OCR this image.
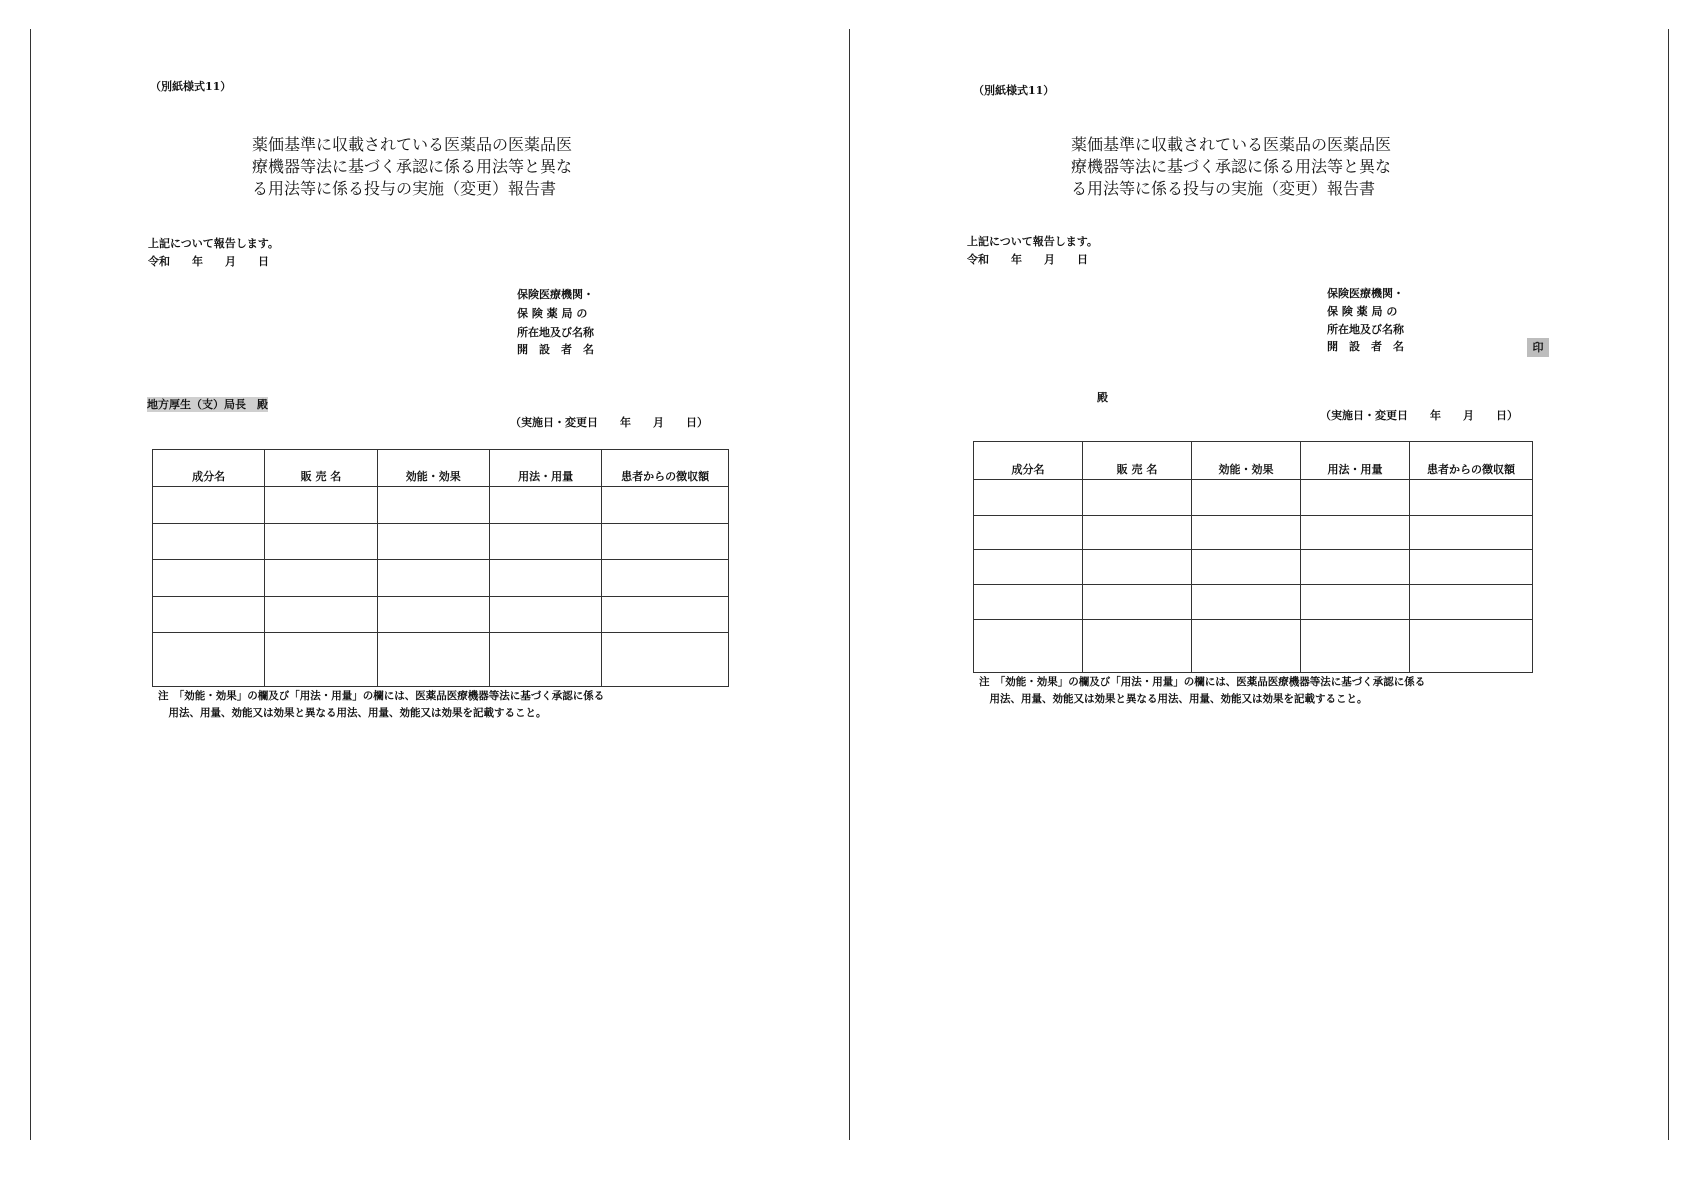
（別紙様式11）
薬価基準に収載されている医薬品の医薬品医
療機器等法に基づく承認に係る用法等と異な
る用法等に係る投与の実施（変更）報告書
上記について報告します。
令和　　年　　月　　日
保険医療機関・
保 険 薬 局 の
所在地及び名称
開　設　者　名
地方厚生（支）局長　殿
（実施日・変更日　　年　　月　　日）
成分名	販 売 名	効能・効果	用法・用量	患者からの徴収額

注　「効能・効果」の欄及び「用法・用量」の欄には、医薬品医療機器等法に基づく承認に係る
　用法、用量、効能又は効果と異なる用法、用量、効能又は効果を記載すること。
（別紙様式11）
薬価基準に収載されている医薬品の医薬品医
療機器等法に基づく承認に係る用法等と異な
る用法等に係る投与の実施（変更）報告書
上記について報告します。
令和　　年　　月　　日
保険医療機関・
保 険 薬 局 の
所在地及び名称
開　設　者　名	印
殿
（実施日・変更日　　年　　月　　日）
成分名	販 売 名	効能・効果	用法・用量	患者からの徴収額

注　「効能・効果」の欄及び「用法・用量」の欄には、医薬品医療機器等法に基づく承認に係る
　用法、用量、効能又は効果と異なる用法、用量、効能又は効果を記載すること。
